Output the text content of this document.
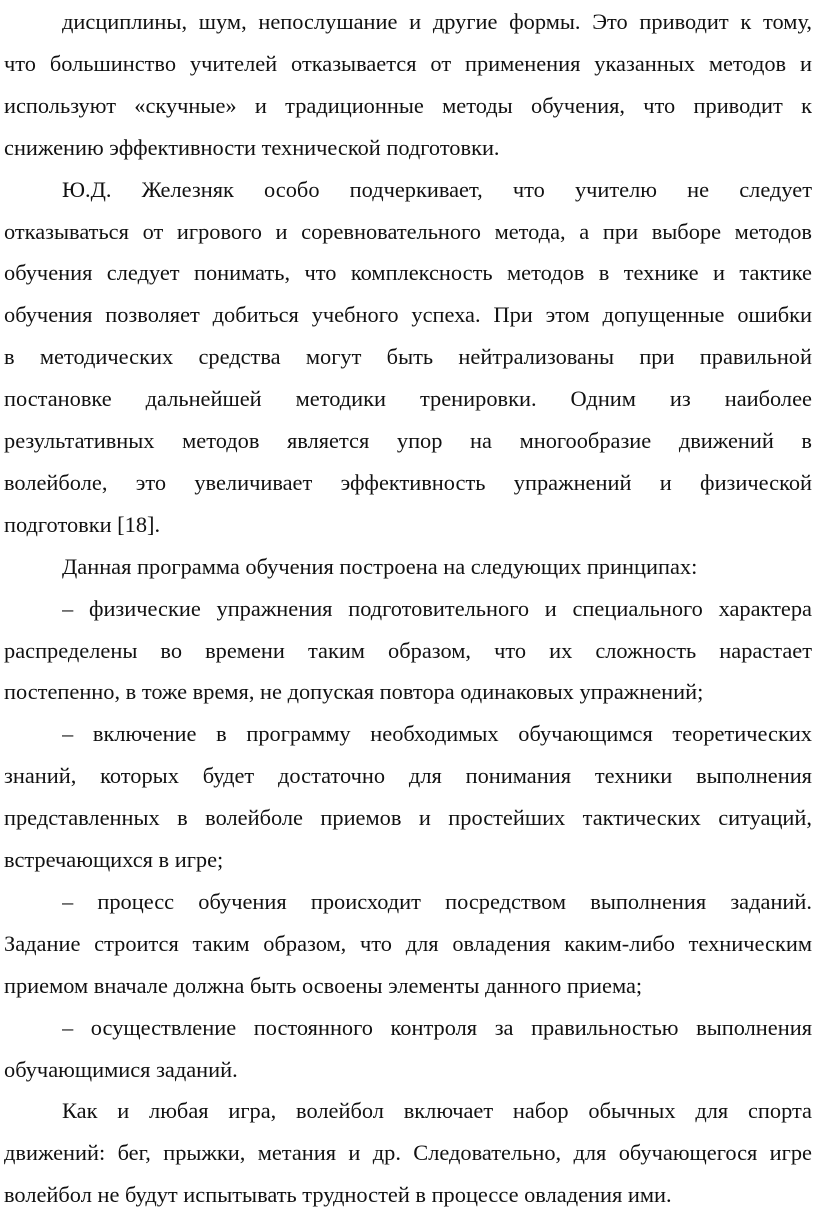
дисциплины, шум, непослушание и другие формы. Это приводит к тому,
что большинство учителей отказывается от применения указанных методов и
используют «скучные» и традиционные методы обучения, что приводит к
снижению эффективности технической подготовки.
Ю.Д. Железняк особо подчеркивает, что учителю не следует
отказываться от игрового и соревновательного метода, а при выборе методов
обучения следует понимать, что комплексность методов в технике и тактике
обучения позволяет добиться учебного успеха. При этом допущенные ошибки
в методических средства могут быть нейтрализованы при правильной
постановке дальнейшей методики тренировки. Одним из наиболее
результативных методов является упор на многообразие движений в
волейболе, это увеличивает эффективность упражнений и физической
подготовки [18].
Данная программа обучения построена на следующих принципах:
– физические упражнения подготовительного и специального характера
распределены во времени таким образом, что их сложность нарастает
постепенно, в тоже время, не допуская повтора одинаковых упражнений;
– включение в программу необходимых обучающимся теоретических
знаний, которых будет достаточно для понимания техники выполнения
представленных в волейболе приемов и простейших тактических ситуаций,
встречающихся в игре;
– процесс обучения происходит посредством выполнения заданий.
Задание строится таким образом, что для овладения каким-либо техническим
приемом вначале должна быть освоены элементы данного приема;
– осуществление постоянного контроля за правильностью выполнения
обучающимися заданий.
Как и любая игра, волейбол включает набор обычных для спорта
движений: бег, прыжки, метания и др. Следовательно, для обучающегося игре
волейбол не будут испытывать трудностей в процессе овладения ими.
